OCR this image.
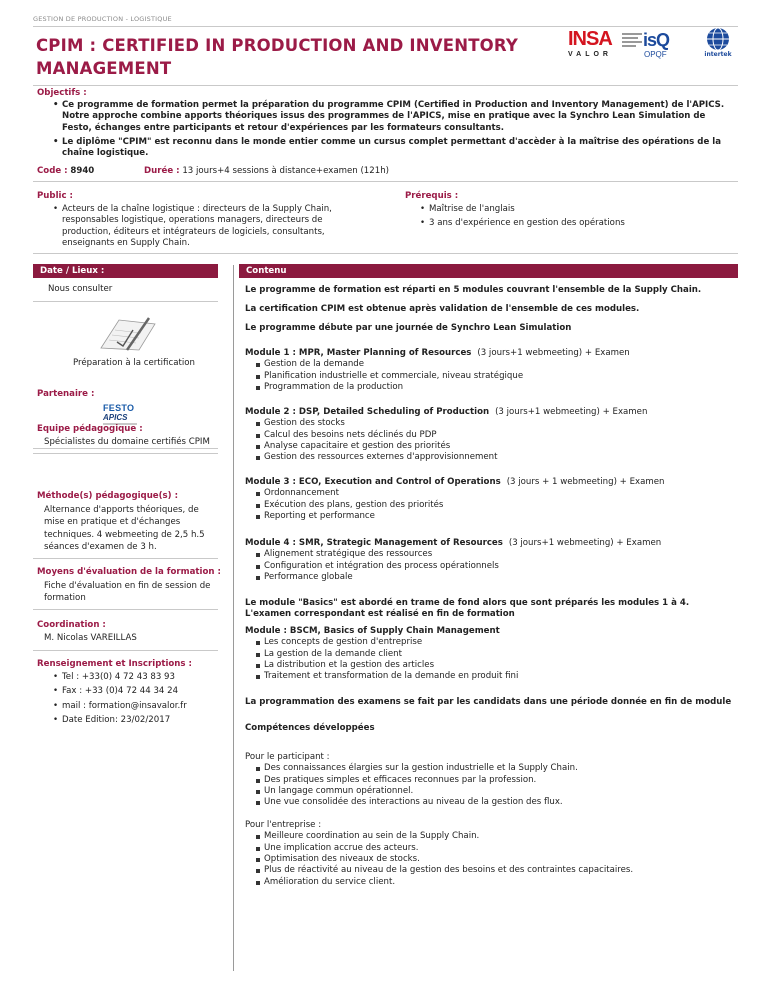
GESTION DE PRODUCTION - LOGISTIQUE
CPIM : CERTIFIED IN PRODUCTION AND INVENTORY MANAGEMENT
INSA
VALOR
isQ
OPQF	intertek
Objectifs :
• Ce programme de formation permet la préparation du programme CPIM (Certified in Production and Inventory Management) de l'APICS. Notre approche combine apports théoriques issus des programmes de l'APICS, mise en pratique avec la Synchro Lean Simulation de Festo, échanges entre participants et retour d'expériences par les formateurs consultants.
• Le diplôme "CPIM" est reconnu dans le monde entier comme un cursus complet permettant d'accèder à la maîtrise des opérations de la chaîne logistique.
Code : 8940	Durée : 13 jours+4 sessions à distance+examen (121h)
Public :
• Acteurs de la chaîne logistique : directeurs de la Supply Chain, responsables logistique, operations managers, directeurs de production, éditeurs et intégrateurs de logiciels, consultants, enseignants en Supply Chain.
Prérequis :
• Maîtrise de l'anglais
• 3 ans d'expérience en gestion des opérations
Date / Lieux :	Contenu
Nous consulter
Préparation à la certification
Partenaire :
FESTO
APICS
Equipe pédagogique :
Spécialistes du domaine certifiés CPIM
Méthode(s) pédagogique(s) :
Alternance d'apports théoriques, de mise en pratique et d'échanges techniques. 4 webmeeting de 2,5 h.5 séances d'examen de 3 h.
Moyens d'évaluation de la formation :
Fiche d'évaluation en fin de session de formation
Coordination :
M. Nicolas VAREILLAS
Renseignement et Inscriptions :
• Tel : +33(0) 4 72 43 83 93
• Fax : +33 (0)4 72 44 34 24
• mail : formation@insavalor.fr
• Date Edition: 23/02/2017
Le programme de formation est réparti en 5 modules couvrant l'ensemble de la Supply Chain.
La certification CPIM est obtenue après validation de l'ensemble de ces modules.
Le programme débute par une journée de Synchro Lean Simulation
Module 1 : MPR, Master Planning of Resources (3 jours+1 webmeeting) + Examen
Gestion de la demande
Planification industrielle et commerciale, niveau stratégique
Programmation de la production
Module 2 : DSP, Detailed Scheduling of Production (3 jours+1 webmeeting) + Examen
Gestion des stocks
Calcul des besoins nets déclinés du PDP
Analyse capacitaire et gestion des priorités
Gestion des ressources externes d'approvisionnement
Module 3 : ECO, Execution and Control of Operations (3 jours + 1 webmeeting) + Examen
Ordonnancement
Exécution des plans, gestion des priorités
Reporting et performance
Module 4 : SMR, Strategic Management of Resources (3 jours+1 webmeeting) + Examen
Alignement stratégique des ressources
Configuration et intégration des process opérationnels
Performance globale
Le module "Basics" est abordé en trame de fond alors que sont préparés les modules 1 à 4. L'examen correspondant est réalisé en fin de formation
Module : BSCM, Basics of Supply Chain Management
Les concepts de gestion d'entreprise
La gestion de la demande client
La distribution et la gestion des articles
Traitement et transformation de la demande en produit fini
La programmation des examens se fait par les candidats dans une période donnée en fin de module
Compétences développées
Pour le participant :
Des connaissances élargies sur la gestion industrielle et la Supply Chain.
Des pratiques simples et efficaces reconnues par la profession.
Un langage commun opérationnel.
Une vue consolidée des interactions au niveau de la gestion des flux.
Pour l'entreprise :
Meilleure coordination au sein de la Supply Chain.
Une implication accrue des acteurs.
Optimisation des niveaux de stocks.
Plus de réactivité au niveau de la gestion des besoins et des contraintes capacitaires.
Amélioration du service client.
